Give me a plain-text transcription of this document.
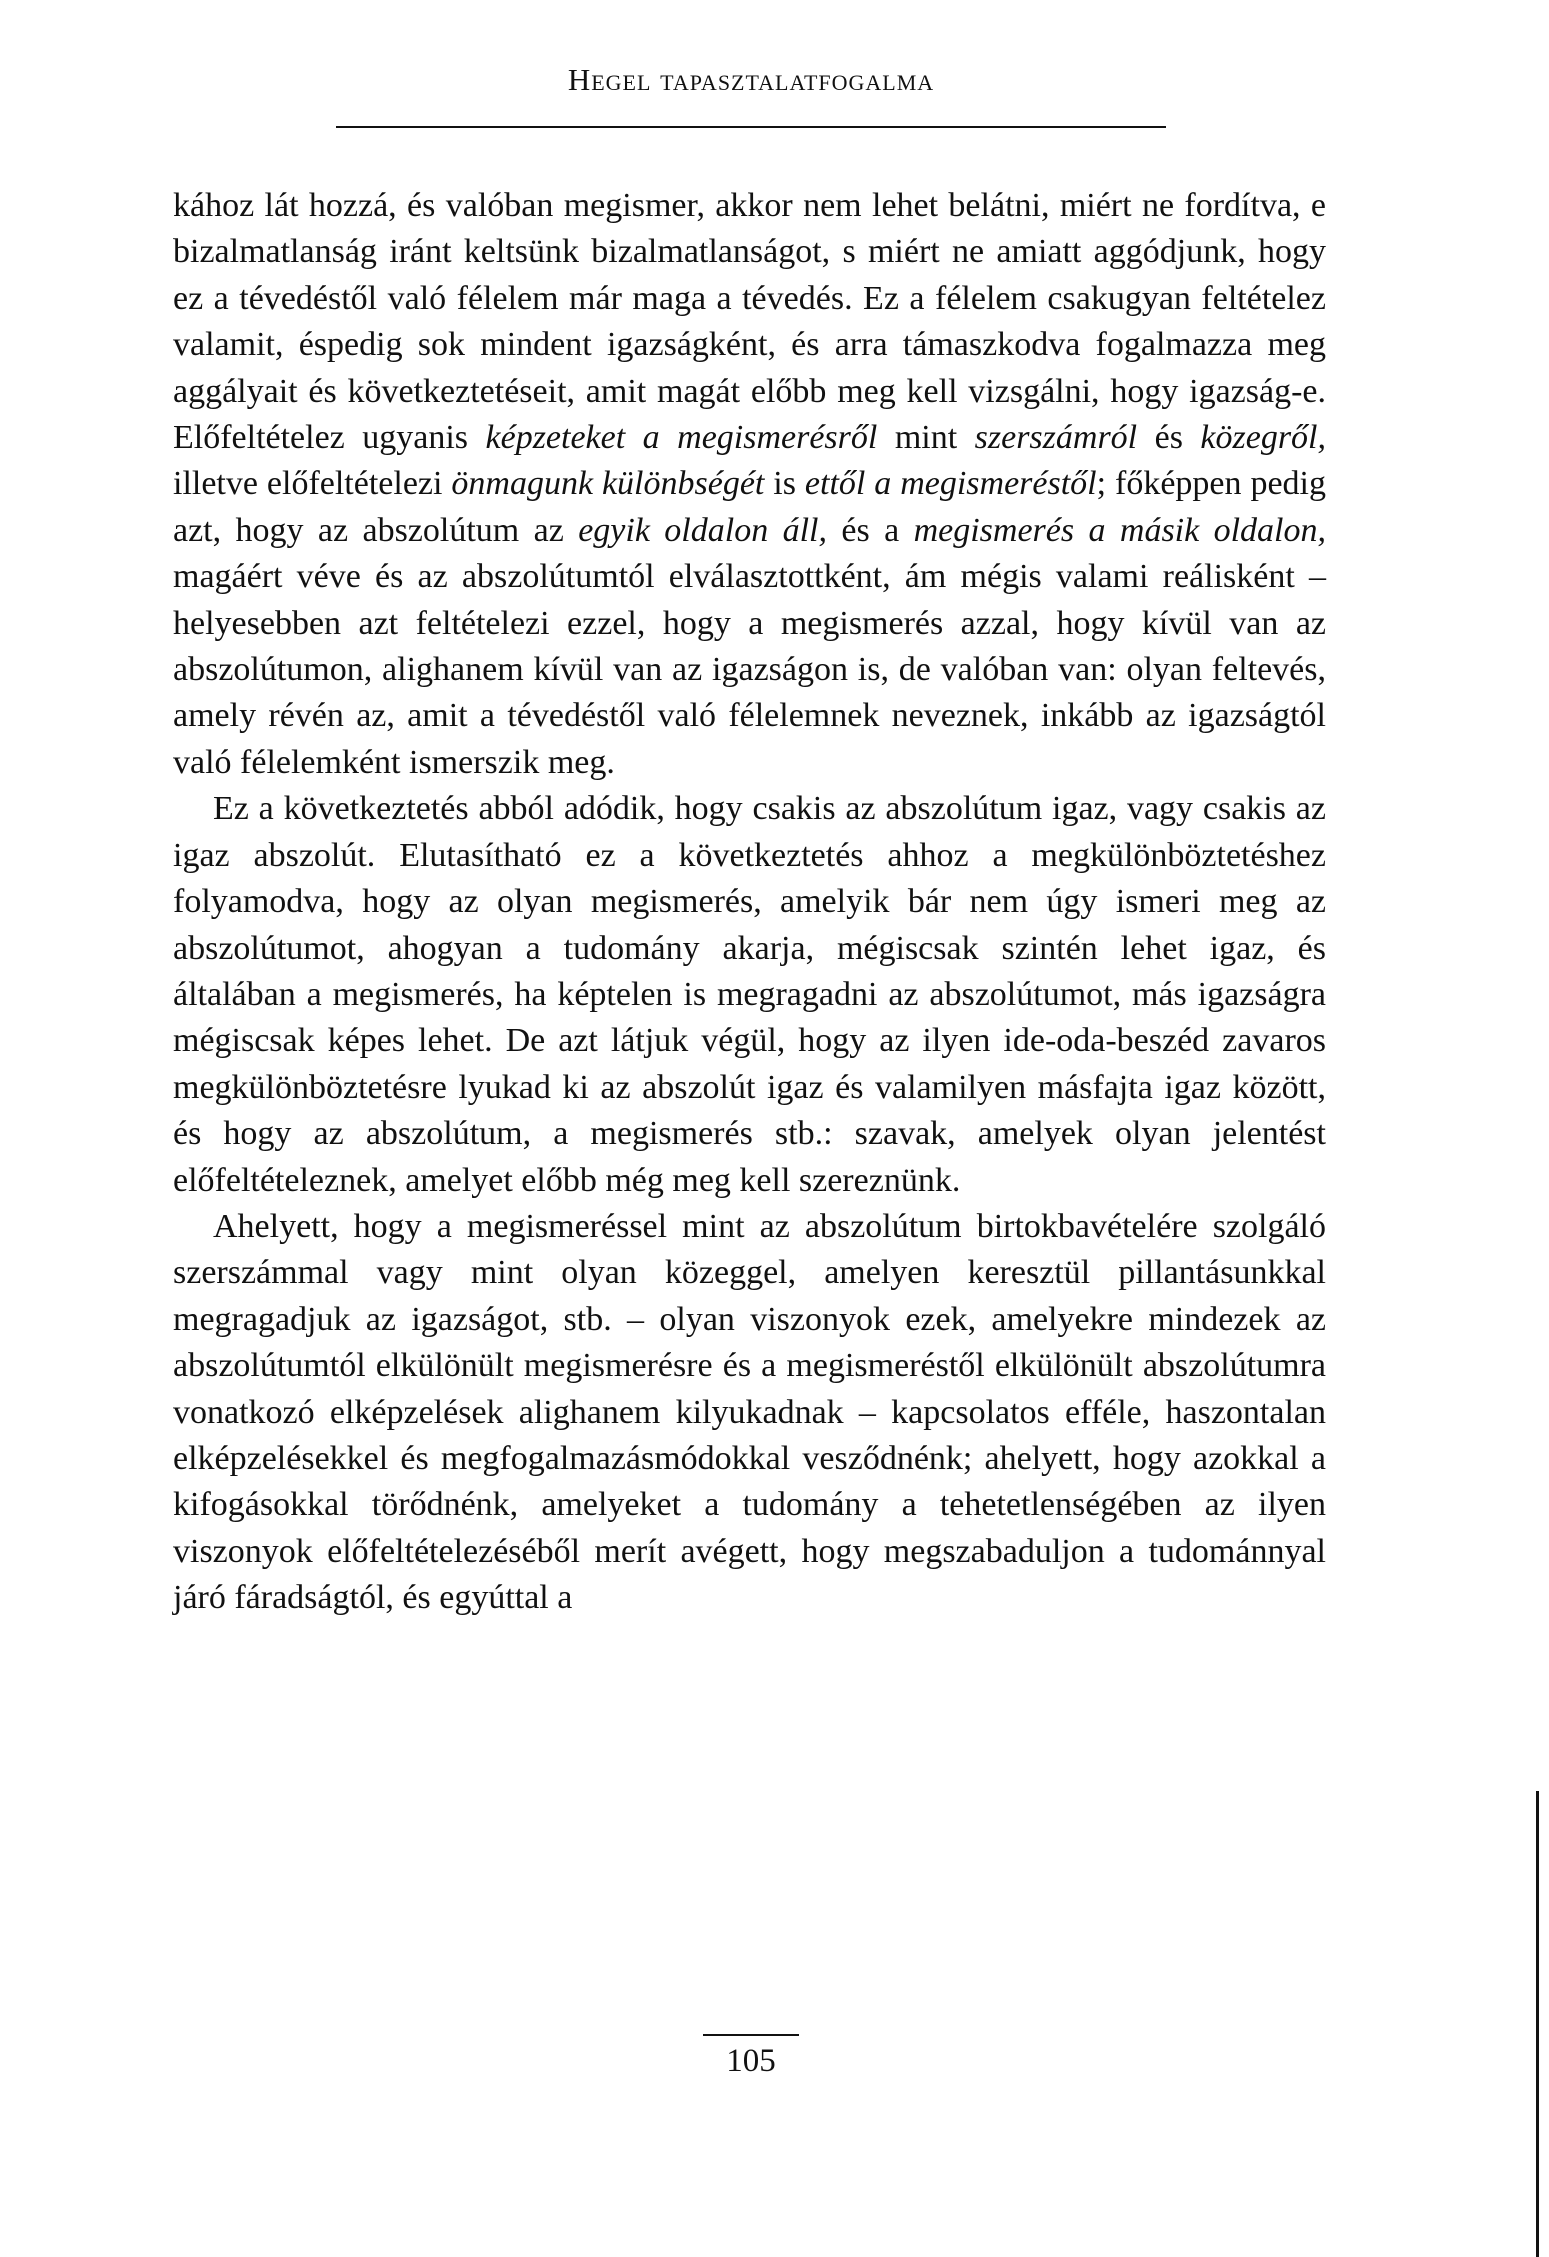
Hegel tapasztalatfogalma

kához lát hozzá, és valóban megismer, akkor nem lehet belátni, miért ne fordítva, e bizalmatlanság iránt keltsünk bizalmatlanságot, s miért ne amiatt aggódjunk, hogy ez a tévedéstől való félelem már maga a tévedés. Ez a félelem csakugyan feltételez valamit, éspedig sok mindent igazságként, és arra támaszkodva fogalmazza meg aggályait és következtetéseit, amit magát előbb meg kell vizsgálni, hogy igazság-e. Előfeltételez ugyanis képzeteket a megismerésről mint szerszámról és közegről, illetve előfeltételezi önmagunk különbségét is ettől a megismeréstől; főképpen pedig azt, hogy az abszolútum az egyik oldalon áll, és a megismerés a másik oldalon, magáért véve és az abszolútumtól elválasztottként, ám mégis valami reálisként – helyesebben azt feltételezi ezzel, hogy a megismerés azzal, hogy kívül van az abszolútumon, alighanem kívül van az igazságon is, de valóban van: olyan feltevés, amely révén az, amit a tévedéstől való félelemnek neveznek, inkább az igazságtól való félelemként ismerszik meg.

Ez a következtetés abból adódik, hogy csakis az abszolútum igaz, vagy csakis az igaz abszolút. Elutasítható ez a következtetés ahhoz a megkülönböztetéshez folyamodva, hogy az olyan megismerés, amelyik bár nem úgy ismeri meg az abszolútumot, ahogyan a tudomány akarja, mégiscsak szintén lehet igaz, és általában a megismerés, ha képtelen is megragadni az abszolútumot, más igazságra mégiscsak képes lehet. De azt látjuk végül, hogy az ilyen ide-oda-beszéd zavaros megkülönböztetésre lyukad ki az abszolút igaz és valamilyen másfajta igaz között, és hogy az abszolútum, a megismerés stb.: szavak, amelyek olyan jelentést előfeltételeznek, amelyet előbb még meg kell szereznünk.

Ahelyett, hogy a megismeréssel mint az abszolútum birtokbavételére szolgáló szerszámmal vagy mint olyan közeggel, amelyen keresztül pillantásunkkal megragadjuk az igazságot, stb. – olyan viszonyok ezek, amelyekre mindezek az abszolútumtól elkülönült megismerésre és a megismeréstől elkülönült abszolútumra vonatkozó elképzelések alighanem kilyukadnak – kapcsolatos efféle, haszontalan elképzelésekkel és megfogalmazásmódokkal vesződnénk; ahelyett, hogy azokkal a kifogásokkal törődnénk, amelyeket a tudomány a tehetetlenségében az ilyen viszonyok előfeltételezéséből merít avégett, hogy megszabaduljon a tudománnyal járó fáradságtól, és egyúttal a

105
